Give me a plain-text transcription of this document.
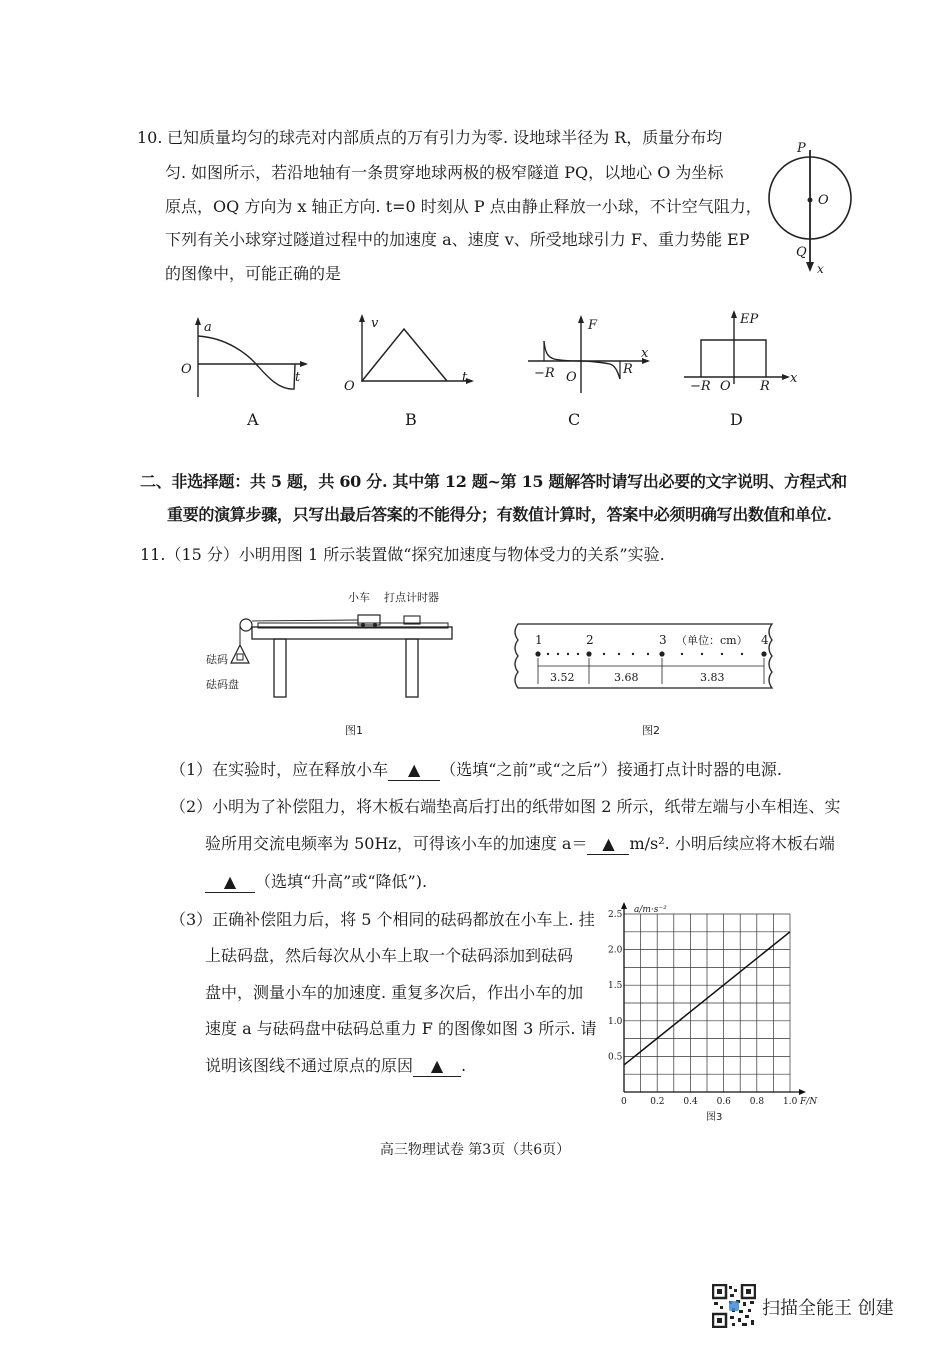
10. 已知质量均匀的球壳对内部质点的万有引力为零. 设地球半径为 R，质量分布均
匀. 如图所示，若沿地轴有一条贯穿地球两极的极窄隧道 PQ，以地心 O 为坐标
原点，OQ 方向为 x 轴正方向. t=0 时刻从 P 点由静止释放一小球，不计空气阻力，
下列有关小球穿过隧道过程中的加速度 a、速度 v、所受地球引力 F、重力势能 EP
的图像中，可能正确的是
P
O
Q
x
a
O
t
A
v
O
t
B
F
−R O
R
x
C
EP
−R O R
x
D
二、非选择题：共 5 题，共 60 分. 其中第 12 题~第 15 题解答时请写出必要的文字说明、方程式和
重要的演算步骤，只写出最后答案的不能得分；有数值计算时，答案中必须明确写出数值和单位.
11.（15 分）小明用图 1 所示装置做“探究加速度与物体受力的关系”实验.
小车 打点计时器
砝码
砝码盘
图1
1	2	3	4
（单位：cm）
3.52	3.68	3.83
图2
（1）在实验时，应在释放小车 ▲ （选填“之前”或“之后”）接通打点计时器的电源.
（2）小明为了补偿阻力，将木板右端垫高后打出的纸带如图 2 所示，纸带左端与小车相连、实
验所用交流电频率为 50Hz，可得该小车的加速度 a＝ ▲ m/s². 小明后续应将木板右端
▲ （选填“升高”或“降低”).
（3）正确补偿阻力后，将 5 个相同的砝码都放在小车上. 挂
上砝码盘，然后每次从小车上取一个砝码添加到砝码
盘中，测量小车的加速度. 重复多次后，作出小车的加
速度 a 与砝码盘中砝码总重力 F 的图像如图 3 所示. 请
说明该图线不通过原点的原因 ▲ .
0	0.2 0.4 0.6 0.8 1.0
0.5
1.0
1.5
2.0
2.5 a/m·s⁻²
F/N
图3
高三物理试卷 第3页（共6页）
扫描全能王 创建
